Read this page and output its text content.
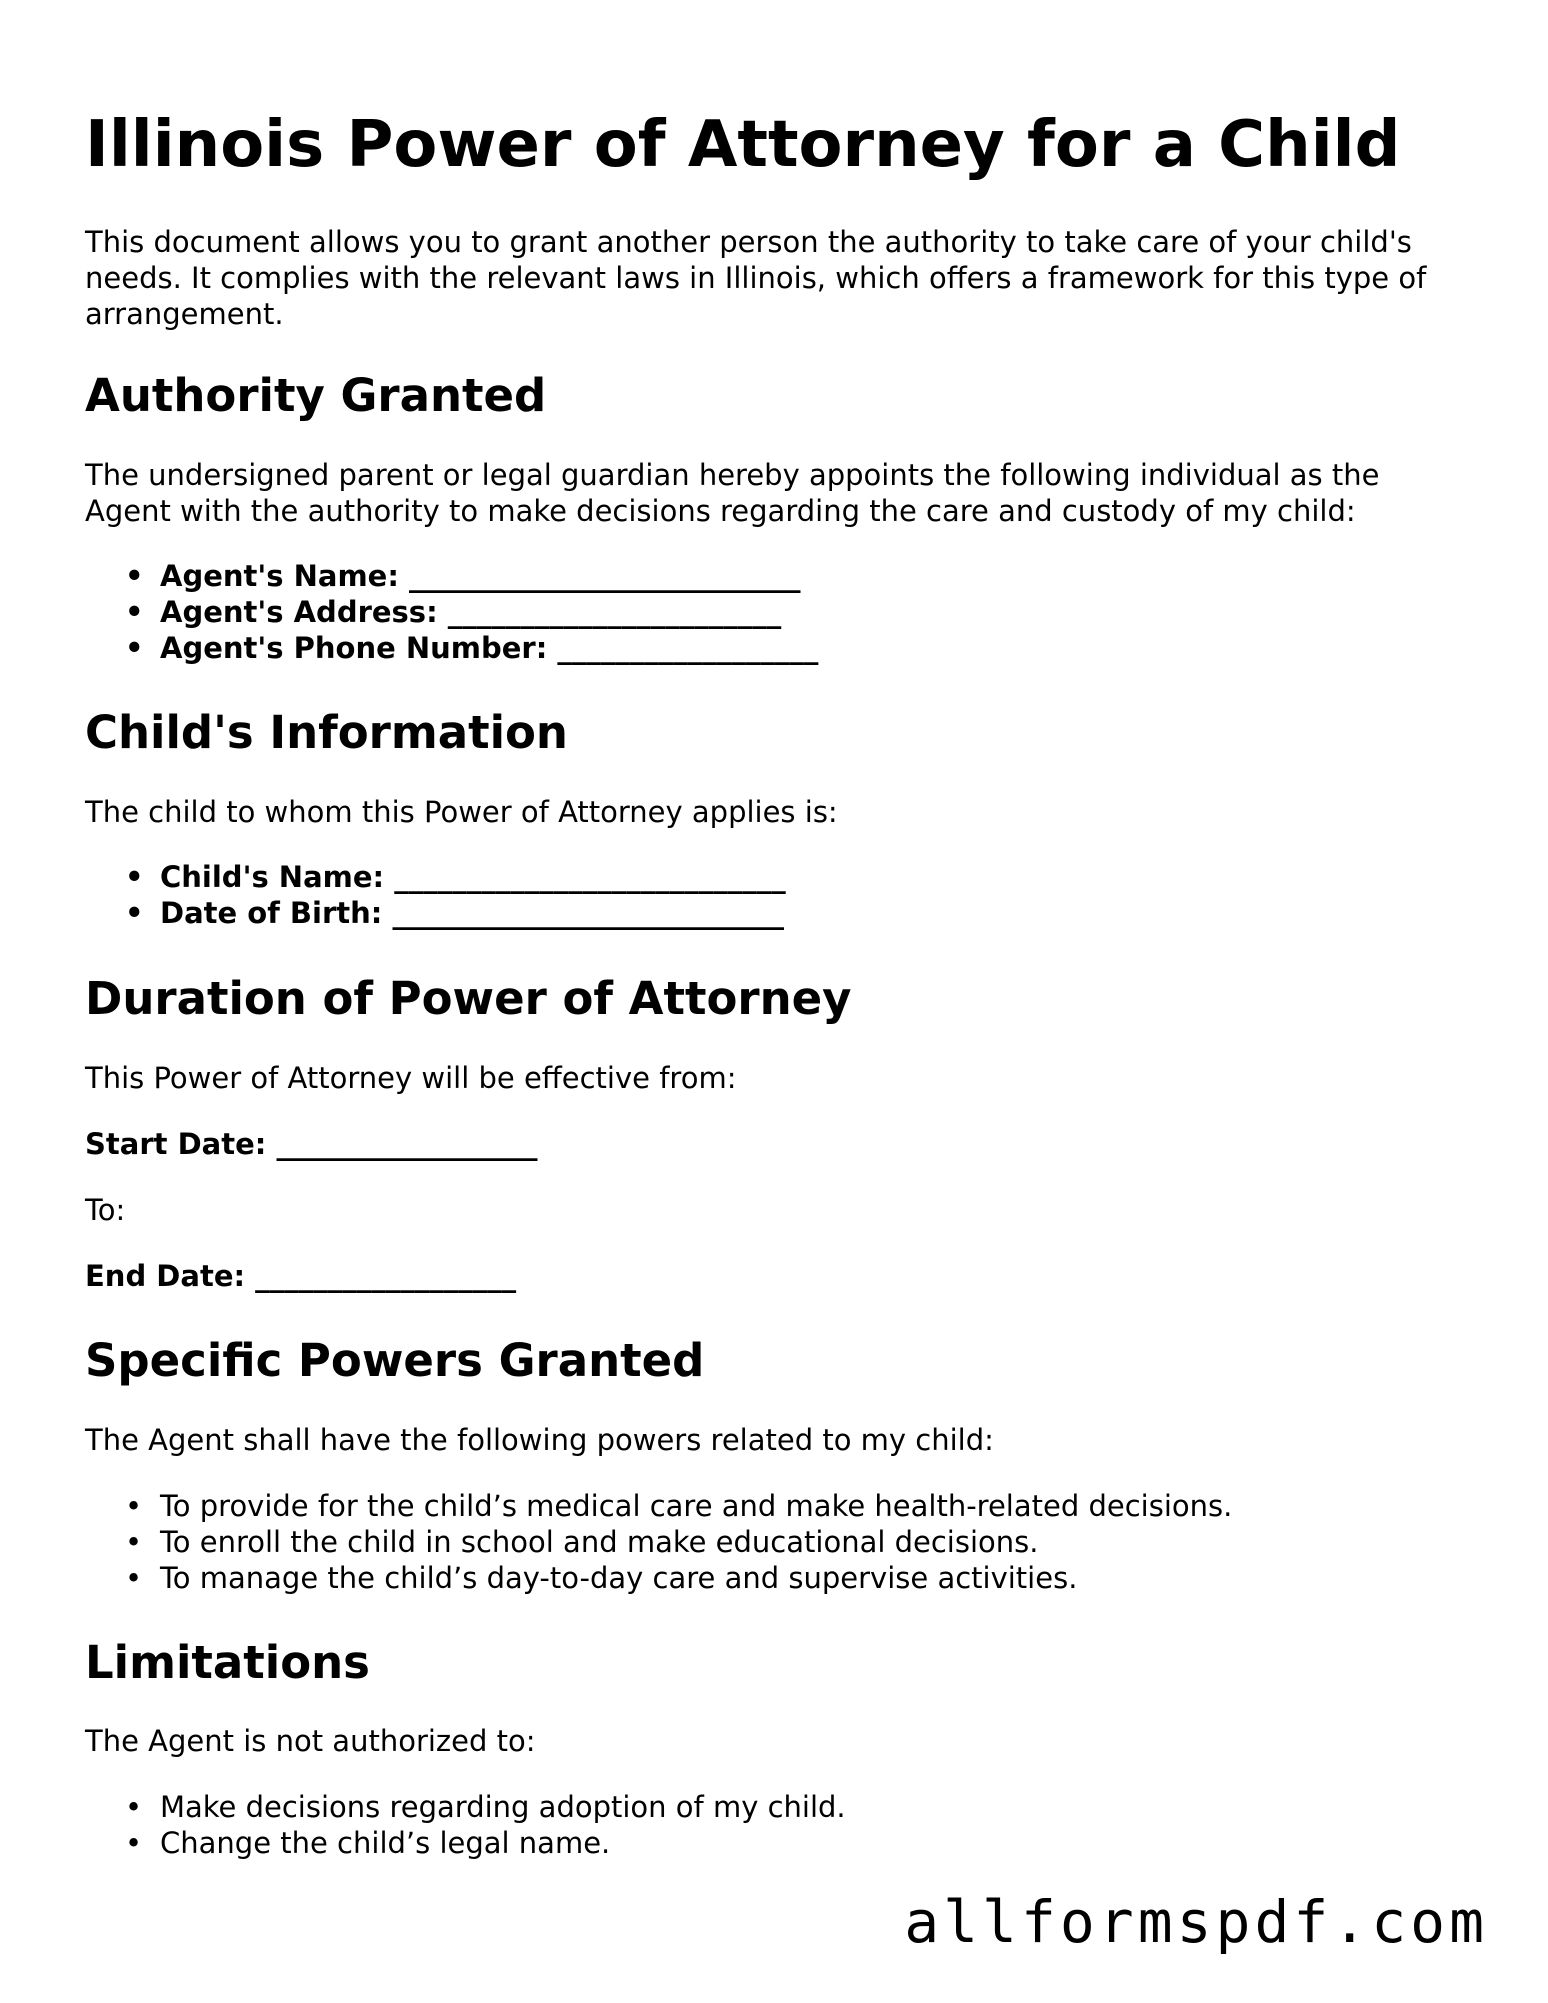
Illinois Power of Attorney for a Child

This document allows you to grant another person the authority to take care of your child's needs. It complies with the relevant laws in Illinois, which offers a framework for this type of arrangement.

Authority Granted

The undersigned parent or legal guardian hereby appoints the following individual as the Agent with the authority to make decisions regarding the care and custody of my child:

• Agent's Name: ___________________________
• Agent's Address: _______________________
• Agent's Phone Number: __________________
Child's Information

The child to whom this Power of Attorney applies is:

• Child's Name: ___________________________
• Date of Birth: ___________________________
Duration of Power of Attorney

This Power of Attorney will be effective from:

Start Date: __________________

To:

End Date: __________________
Specific Powers Granted

The Agent shall have the following powers related to my child:

• To provide for the child’s medical care and make health-related decisions.
• To enroll the child in school and make educational decisions.
• To manage the child’s day-to-day care and supervise activities.
Limitations

The Agent is not authorized to:

• Make decisions regarding adoption of my child.
• Change the child’s legal name.
allformspdf.com
